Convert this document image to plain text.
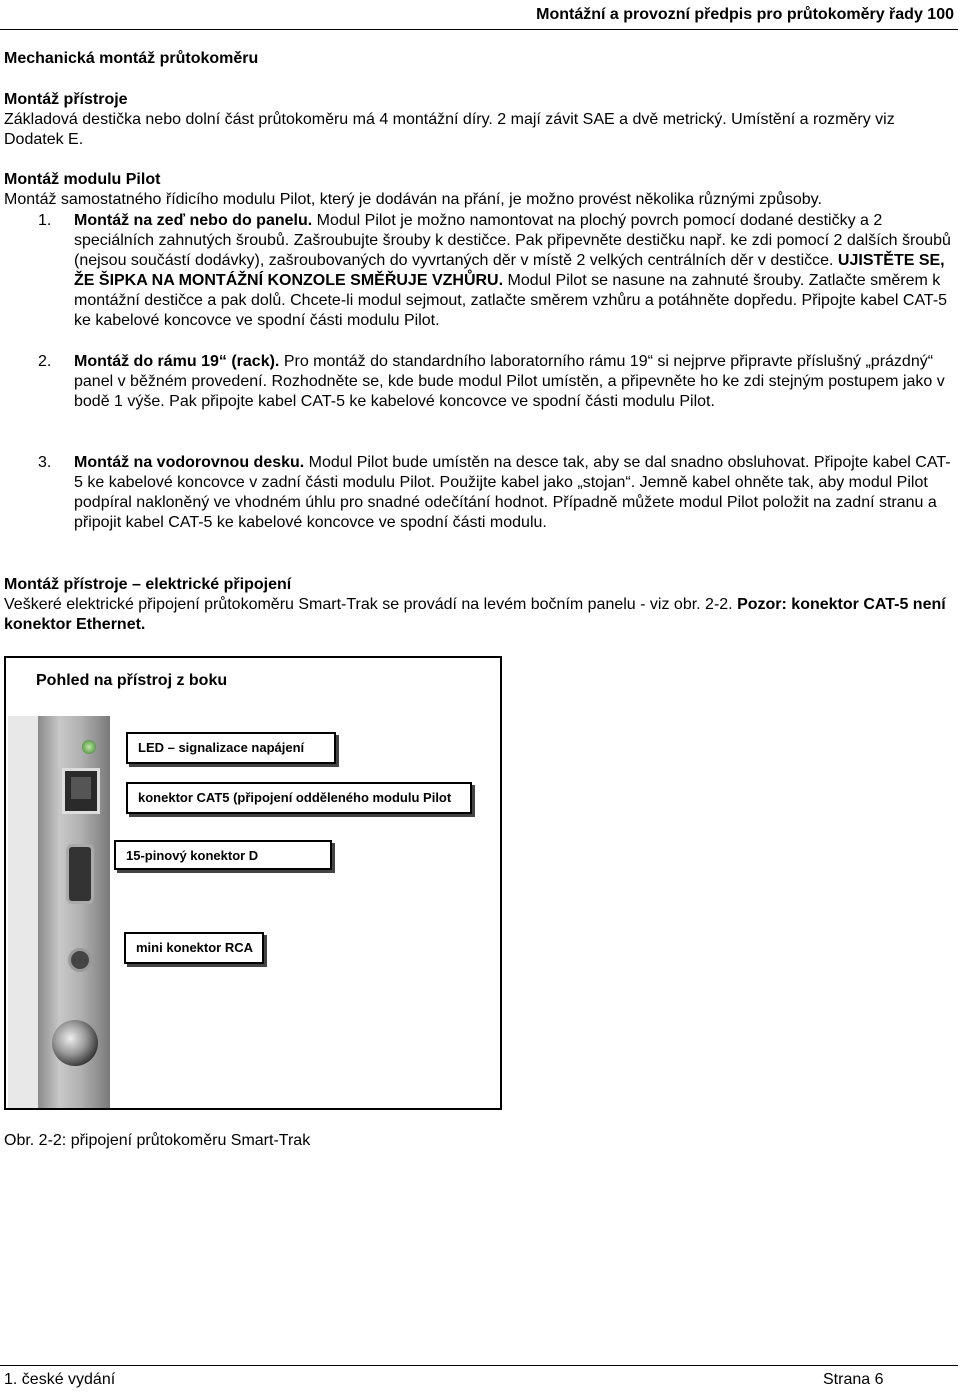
Montážní a provozní předpis pro průtokoměry řady 100

Mechanická montáž průtokoměru

Montáž přístroje

Základová destička nebo dolní část průtokoměru má 4 montážní díry. 2 mají závit SAE a dvě metrický. Umístění a rozměry viz Dodatek E.

Montáž modulu Pilot

Montáž samostatného řídicího modulu Pilot, který je dodáván na přání, je možno provést několika různými způsoby.

1. Montáž na zeď nebo do panelu. Modul Pilot je možno namontovat na plochý povrch pomocí dodané destičky a 2 speciálních zahnutých šroubů. Zašroubujte šrouby k destičce. Pak připevněte destičku např. ke zdi pomocí 2 dalších šroubů (nejsou součástí dodávky), zašroubovaných do vyvrtaných děr v místě 2 velkých centrálních děr v destičce. UJISTĚTE SE, ŽE ŠIPKA NA MONTÁŽNÍ KONZOLE SMĚŘUJE VZHŮRU. Modul Pilot se nasune na zahnuté šrouby. Zatlačte směrem k montážní destičce a pak dolů. Chcete-li modul sejmout, zatlačte směrem vzhůru a potáhněte dopředu. Připojte kabel CAT-5 ke kabelové koncovce ve spodní části modulu Pilot.
2. Montáž do rámu 19“ (rack). Pro montáž do standardního laboratorního rámu 19“ si nejprve připravte příslušný „prázdný“ panel v běžném provedení. Rozhodněte se, kde bude modul Pilot umístěn, a připevněte ho ke zdi stejným postupem jako v bodě 1 výše. Pak připojte kabel CAT-5 ke kabelové koncovce ve spodní části modulu Pilot.
3. Montáž na vodorovnou desku. Modul Pilot bude umístěn na desce tak, aby se dal snadno obsluhovat. Připojte kabel CAT-5 ke kabelové koncovce v zadní části modulu Pilot. Použijte kabel jako „stojan“. Jemně kabel ohněte tak, aby modul Pilot podpíral nakloněný ve vhodném úhlu pro snadné odečítání hodnot. Případně můžete modul Pilot položit na zadní stranu a připojit kabel CAT-5 ke kabelové koncovce ve spodní části modulu.

Montáž přístroje – elektrické připojení

Veškeré elektrické připojení průtokoměru Smart-Trak se provádí na levém bočním panelu - viz obr. 2-2. Pozor: konektor CAT-5 není konektor Ethernet.

Pohled na přístroj z boku
LED – signalizace napájení
konektor CAT5 (připojení odděleného modulu Pilot
15-pinový konektor D
mini konektor RCA

Obr. 2-2: připojení průtokoměru Smart-Trak

1. české vydání	Strana 6
